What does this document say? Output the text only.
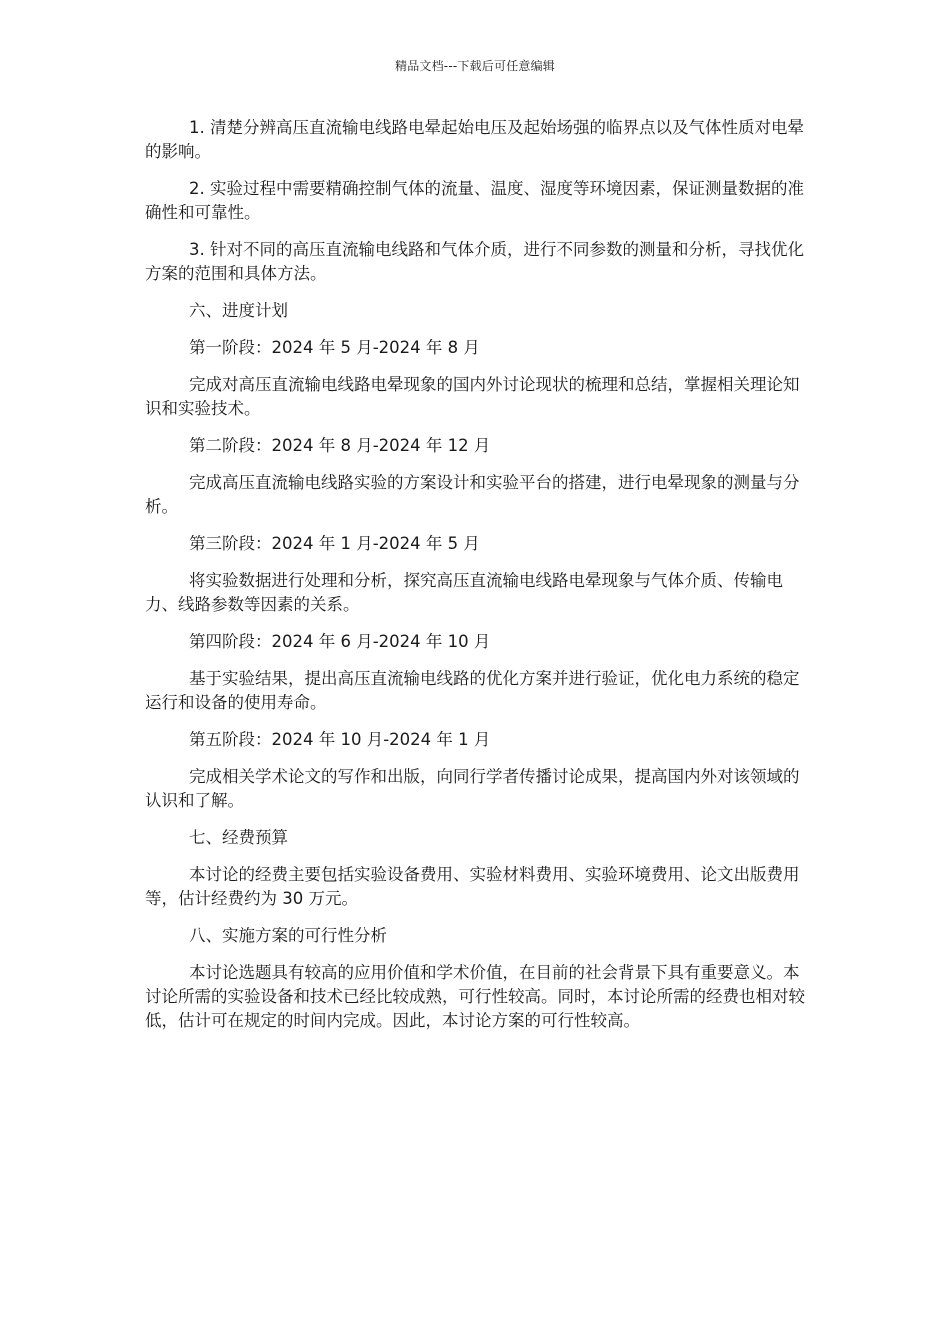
精品文档---下载后可任意编辑

1. 清楚分辨高压直流输电线路电晕起始电压及起始场强的临界点以及气体性质对电晕的影响。

2. 实验过程中需要精确控制气体的流量、温度、湿度等环境因素，保证测量数据的准确性和可靠性。

3. 针对不同的高压直流输电线路和气体介质，进行不同参数的测量和分析，寻找优化方案的范围和具体方法。

六、进度计划

第一阶段：2024 年 5 月-2024 年 8 月

完成对高压直流输电线路电晕现象的国内外讨论现状的梳理和总结，掌握相关理论知识和实验技术。

第二阶段：2024 年 8 月-2024 年 12 月

完成高压直流输电线路实验的方案设计和实验平台的搭建，进行电晕现象的测量与分析。

第三阶段：2024 年 1 月-2024 年 5 月

将实验数据进行处理和分析，探究高压直流输电线路电晕现象与气体介质、传输电力、线路参数等因素的关系。

第四阶段：2024 年 6 月-2024 年 10 月

基于实验结果，提出高压直流输电线路的优化方案并进行验证，优化电力系统的稳定运行和设备的使用寿命。

第五阶段：2024 年 10 月-2024 年 1 月

完成相关学术论文的写作和出版，向同行学者传播讨论成果，提高国内外对该领域的认识和了解。

七、经费预算

本讨论的经费主要包括实验设备费用、实验材料费用、实验环境费用、论文出版费用等，估计经费约为 30 万元。

八、实施方案的可行性分析

本讨论选题具有较高的应用价值和学术价值，在目前的社会背景下具有重要意义。本讨论所需的实验设备和技术已经比较成熟，可行性较高。同时，本讨论所需的经费也相对较低，估计可在规定的时间内完成。因此，本讨论方案的可行性较高。
